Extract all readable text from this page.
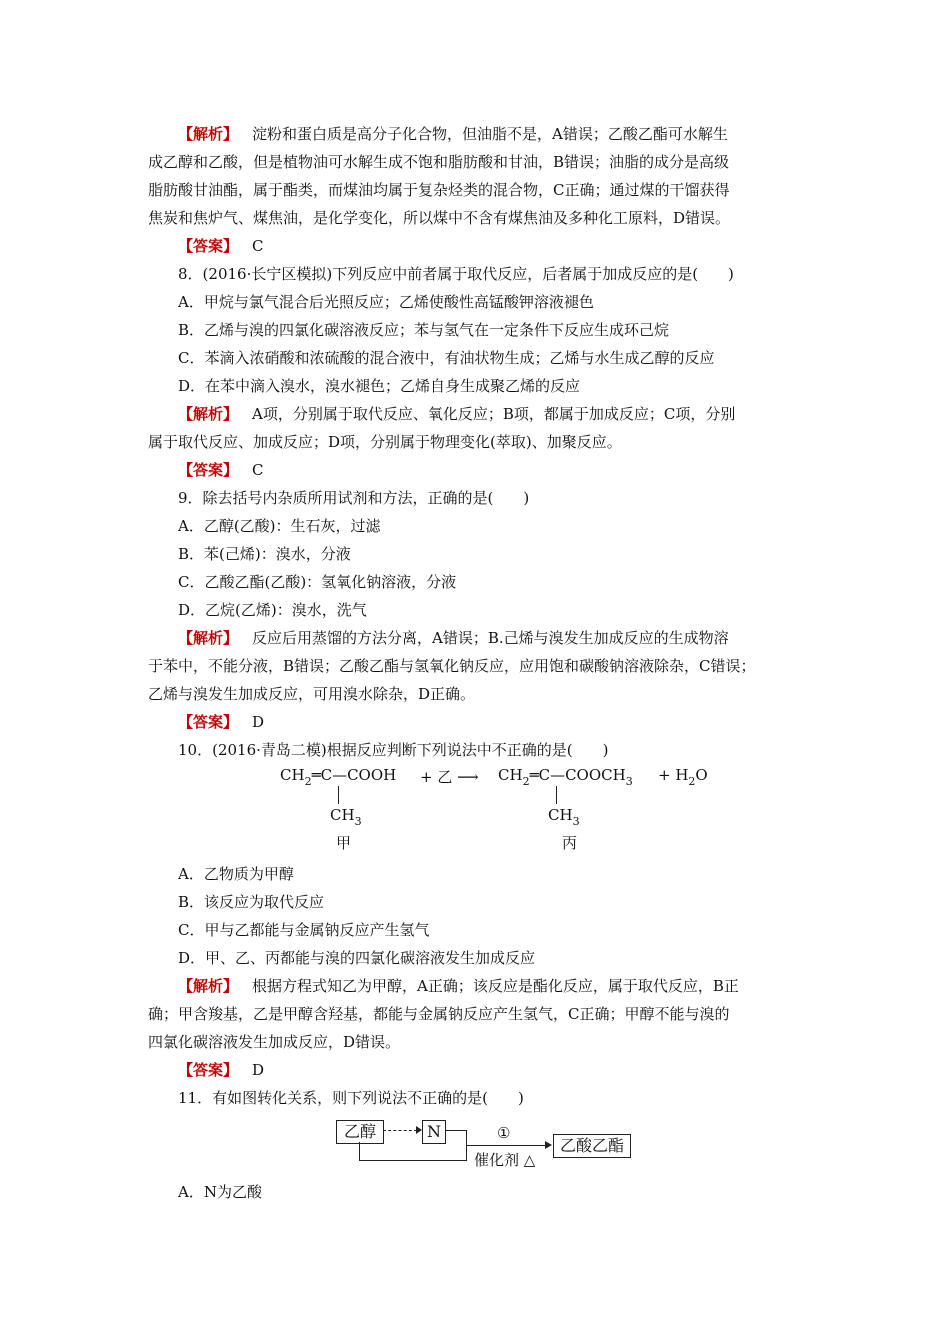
【解析】 淀粉和蛋白质是高分子化合物，但油脂不是，A错误；乙酸乙酯可水解生
成乙醇和乙酸，但是植物油可水解生成不饱和脂肪酸和甘油，B错误；油脂的成分是高级
脂肪酸甘油酯，属于酯类，而煤油均属于复杂烃类的混合物，C正确；通过煤的干馏获得
焦炭和焦炉气、煤焦油，是化学变化，所以煤中不含有煤焦油及多种化工原料，D错误。
【答案】 C
8．(2016·长宁区模拟)下列反应中前者属于取代反应，后者属于加成反应的是(　　)
A．甲烷与氯气混合后光照反应；乙烯使酸性高锰酸钾溶液褪色
B．乙烯与溴的四氯化碳溶液反应；苯与氢气在一定条件下反应生成环己烷
C．苯滴入浓硝酸和浓硫酸的混合液中，有油状物生成；乙烯与水生成乙醇的反应
D．在苯中滴入溴水，溴水褪色；乙烯自身生成聚乙烯的反应
【解析】 A项，分别属于取代反应、氧化反应；B项，都属于加成反应；C项，分别
属于取代反应、加成反应；D项，分别属于物理变化(萃取)、加聚反应。
【答案】 C
9．除去括号内杂质所用试剂和方法，正确的是(　　)
A．乙醇(乙酸)：生石灰，过滤
B．苯(己烯)：溴水，分液
C．乙酸乙酯(乙酸)：氢氧化钠溶液，分液
D．乙烷(乙烯)：溴水，洗气
【解析】 反应后用蒸馏的方法分离，A错误；B.己烯与溴发生加成反应的生成物溶
于苯中，不能分液，B错误；乙酸乙酯与氢氧化钠反应，应用饱和碳酸钠溶液除杂，C错误；
乙烯与溴发生加成反应，可用溴水除杂，D正确。
【答案】 D
10．(2016·青岛二模)根据反应判断下列说法中不正确的是(　　)
$CH_2═C—COOH$ + 乙 ⟶ $CH_2═C—COOCH_3 + H_2O$
$CH_3$	$CH_3$
甲	丙
A．乙物质为甲醇
B．该反应为取代反应
C．甲与乙都能与金属钠反应产生氢气
D．甲、乙、丙都能与溴的四氯化碳溶液发生加成反应
【解析】 根据方程式知乙为甲醇，A正确；该反应是酯化反应，属于取代反应，B正
确；甲含羧基，乙是甲醇含羟基，都能与金属钠反应产生氢气，C正确；甲醇不能与溴的
四氯化碳溶液发生加成反应，D错误。
【答案】 D
11．有如图转化关系，则下列说法不正确的是(　　)
乙醇	N	①
催化剂 △
乙酸乙酯
A．N为乙酸
